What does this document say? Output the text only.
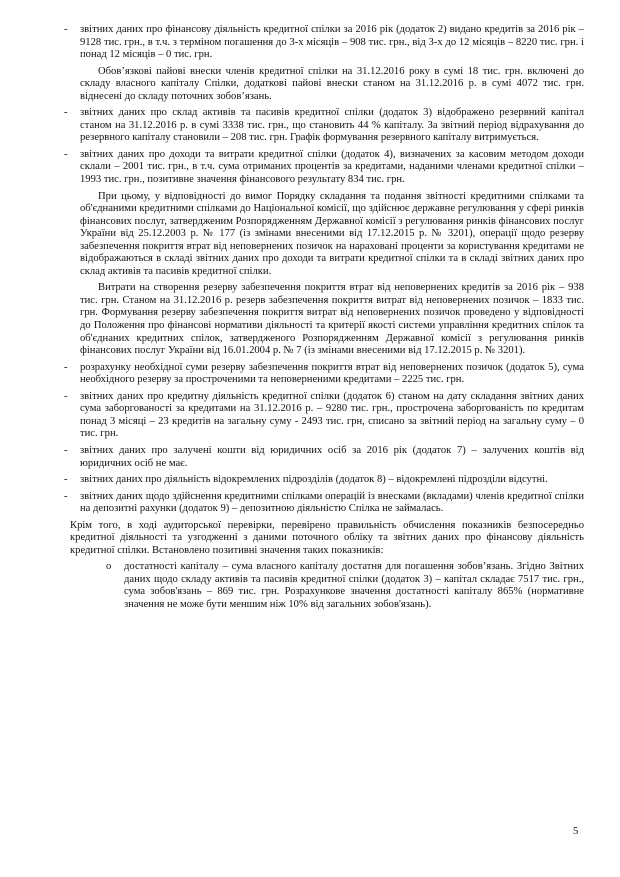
- звітних даних про фінансову діяльність кредитної спілки за 2016 рік (додаток 2) видано кредитів за 2016 рік – 9128 тис. грн., в т.ч. з терміном погашення до 3-х місяців – 908 тис. грн., від 3-х до 12 місяців – 8220 тис. грн. і понад 12 місяців – 0 тис. грн.
Обов’язкові пайові внески членів кредитної спілки на 31.12.2016 року в сумі 18 тис. грн. включені до складу власного капіталу Спілки, додаткові пайові внески станом на 31.12.2016 р. в сумі 4072 тис. грн. віднесені до складу поточних зобов’язань.
- звітних даних про склад активів та пасивів кредитної спілки (додаток 3) відображено резервний капітал станом на 31.12.2016 р. в сумі 3338 тис. грн., що становить 44 % капіталу. За звітний період відрахування до резервного капіталу становили – 208 тис. грн. Графік формування резервного капіталу витримується.
- звітних даних про доходи та витрати кредитної спілки (додаток 4), визначених за касовим методом доходи склали – 2001 тис. грн., в т.ч. сума отриманих процентів за кредитами, наданими членами кредитної спілки – 1993 тис. грн., позитивне значення фінансового результату 834 тис. грн.
При цьому, у відповідності до вимог Порядку складання та подання звітності кредитними спілками та об'єднаними кредитними спілками до Національної комісії, що здійснює державне регулювання у сфері ринків фінансових послуг, затвердженим Розпорядженням Державної комісії з регулювання ринків фінансових послуг України від 25.12.2003 р. № 177 (із змінами внесеними від 17.12.2015 р. № 3201), операції щодо резерву забезпечення покриття втрат від неповернених позичок на нараховані проценти за користування кредитами не відображаються в складі звітних даних про доходи та витрати кредитної спілки та в складі звітних даних про склад активів та пасивів кредитної спілки.
Витрати на створення резерву забезпечення покриття втрат від неповернених кредитів за 2016 рік – 938 тис. грн. Станом на 31.12.2016 р. резерв забезпечення покриття витрат від неповернених позичок – 1833 тис. грн. Формування резерву забезпечення покриття витрат від неповернених позичок проведено у відповідності до Положення про фінансові нормативи діяльності та критерії якості системи управління кредитних спілок та об'єднаних кредитних спілок, затвердженого Розпорядженням Державної комісії з регулювання ринків фінансових послуг України від 16.01.2004 р. № 7 (із змінами внесеними від 17.12.2015 р. № 3201).
- розрахунку необхідної суми резерву забезпечення покриття втрат від неповернених позичок (додаток 5), сума необхідного резерву за простроченими та неповерненими кредитами – 2225 тис. грн.
- звітних даних про кредитну діяльність кредитної спілки (додаток 6) станом на дату складання звітних даних сума заборгованості за кредитами на 31.12.2016 р. – 9280 тис. грн., прострочена заборгованість по кредитам понад 3 місяці – 23 кредитів на загальну суму - 2493 тис. грн, списано за звітний період на загальну суму – 0 тис. грн.
- звітних даних про залучені кошти від юридичних осіб за 2016 рік (додаток 7) – залучених коштів від юридичних осіб не має.
- звітних даних про діяльність відокремлених підрозділів (додаток 8) – відокремлені підрозділи відсутні.
- звітних даних щодо здійснення кредитними спілками операцій із внесками (вкладами) членів кредитної спілки на депозитні рахунки (додаток 9) – депозитною діяльністю Спілка не займалась.
Крім того, в ході аудиторської перевірки, перевірено правильність обчислення показників безпосередньо кредитної діяльності та узгодженні з даними поточного обліку та звітних даних про фінансову діяльність кредитної спілки. Встановлено позитивні значення таких показників:
o достатності капіталу – сума власного капіталу достатня для погашення зобов’язань. Згідно Звітних даних щодо складу активів та пасивів кредитної спілки (додаток 3) – капітал складає 7517 тис. грн., сума зобов'язань – 869 тис. грн. Розрахункове значення достатності капіталу 865% (нормативне значення не може бути меншим ніж 10% від загальних зобов'язань).
5
